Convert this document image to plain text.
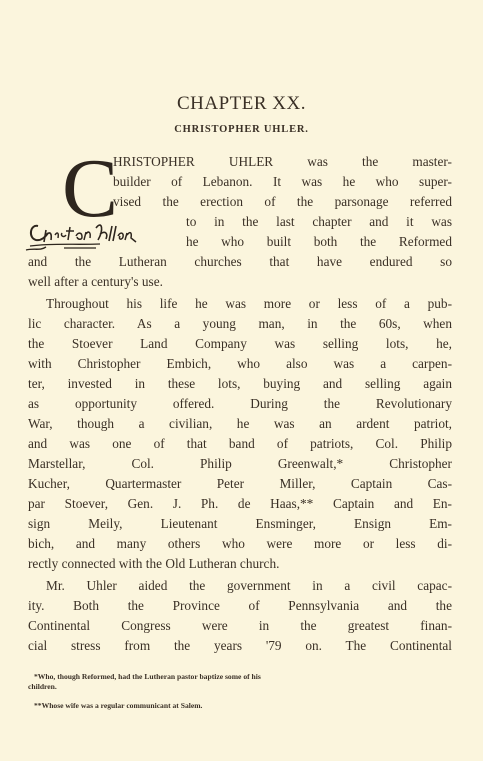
CHAPTER XX.
CHRISTOPHER UHLER.
C
HRISTOPHER UHLER was the master-
builder of Lebanon. It was he who super-
vised the erection of the parsonage referred
to in the last chapter and it was
he who built both the Reformed
and the Lutheran churches that have endured so
well after a century's use.
Throughout his life he was more or less of a pub-
lic character. As a young man, in the 60s, when
the Stoever Land Company was selling lots, he,
with Christopher Embich, who also was a carpen-
ter, invested in these lots, buying and selling again
as opportunity offered. During the Revolutionary
War, though a civilian, he was an ardent patriot,
and was one of that band of patriots, Col. Philip
Marstellar, Col. Philip Greenwalt,* Christopher
Kucher, Quartermaster Peter Miller, Captain Cas-
par Stoever, Gen. J. Ph. de Haas,** Captain and En-
sign Meily, Lieutenant Ensminger, Ensign Em-
bich, and many others who were more or less di-
rectly connected with the Old Lutheran church.
Mr. Uhler aided the government in a civil capac-
ity. Both the Province of Pennsylvania and the
Continental Congress were in the greatest finan-
cial stress from the years '79 on. The Continental
*Who, though Reformed, had the Lutheran pastor baptize some of his
children.
**Whose wife was a regular communicant at Salem.
